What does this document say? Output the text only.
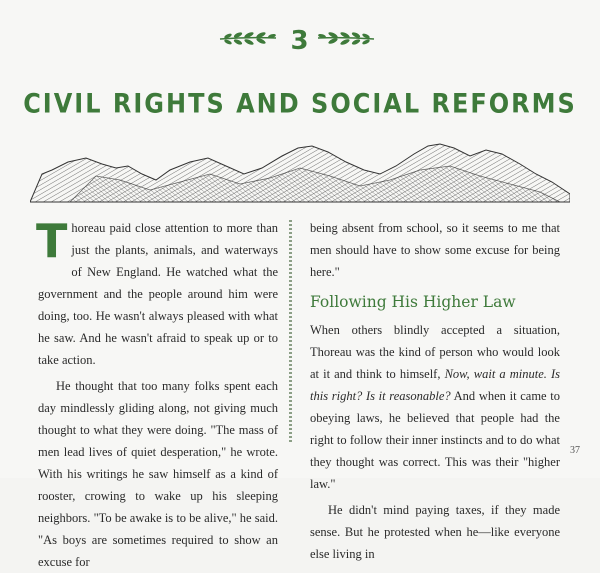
3
CIVIL RIGHTS AND SOCIAL REFORMS

T horeau paid close attention to more than just the plants, animals, and waterways of New England. He watched what the government and the people around him were doing, too. He wasn't always pleased with what he saw. And he wasn't afraid to speak up or to take action.

He thought that too many folks spent each day mindlessly gliding along, not giving much thought to what they were doing. "The mass of men lead lives of quiet desperation," he wrote. With his writings he saw himself as a kind of rooster, crowing to wake up his sleeping neighbors. "To be awake is to be alive," he said. "As boys are sometimes required to show an excuse for

being absent from school, so it seems to me that men should have to show some excuse for being here."

Following His Higher Law

When others blindly accepted a situation, Thoreau was the kind of person who would look at it and think to himself, Now, wait a minute. Is this right? Is it reasonable? And when it came to obeying laws, he believed that people had the right to follow their inner instincts and to do what they thought was correct. This was their "higher law."

He didn't mind paying taxes, if they made sense. But he protested when he—like everyone else living in

37
